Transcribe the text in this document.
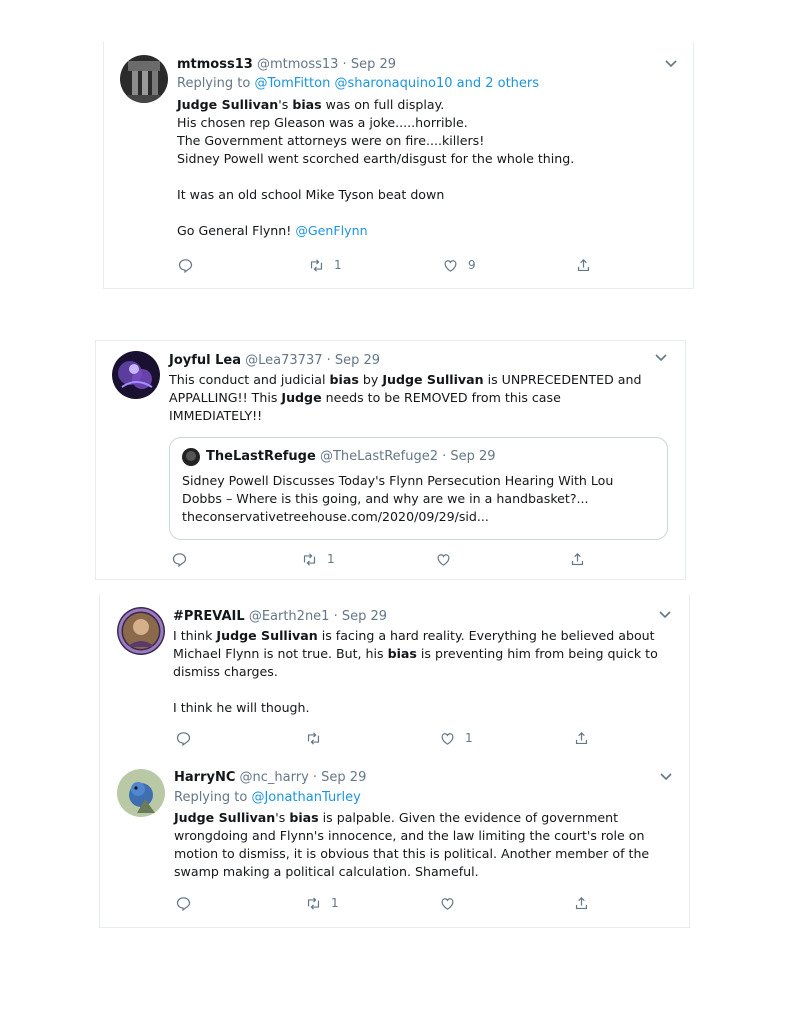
mtmoss13 @mtmoss13 · Sep 29
Replying to @TomFitton @sharonaquino10 and 2 others

Judge Sullivan's bias was on full display.

His chosen rep Gleason was a joke.....horrible.

The Government attorneys were on fire....killers!

Sidney Powell went scorched earth/disgust for the whole thing.

It was an old school Mike Tyson beat down

Go General Flynn! @GenFlynn

1	9
Joyful Lea @Lea73737 · Sep 29

This conduct and judicial bias by Judge Sullivan is UNPRECEDENTED and

APPALLING!! This Judge needs to be REMOVED from this case

IMMEDIATELY!!

TheLastRefuge @TheLastRefuge2 · Sep 29

Sidney Powell Discusses Today's Flynn Persecution Hearing With Lou

Dobbs – Where is this going, and why are we in a handbasket?...

theconservativetreehouse.com/2020/09/29/sid...

1
#PREVAIL @Earth2ne1 · Sep 29

I think Judge Sullivan is facing a hard reality. Everything he believed about

Michael Flynn is not true. But, his bias is preventing him from being quick to

dismiss charges.

I think he will though.

1
HarryNC @nc_harry · Sep 29
Replying to @JonathanTurley

Judge Sullivan's bias is palpable. Given the evidence of government

wrongdoing and Flynn's innocence, and the law limiting the court's role on

motion to dismiss, it is obvious that this is political. Another member of the

swamp making a political calculation. Shameful.

1
